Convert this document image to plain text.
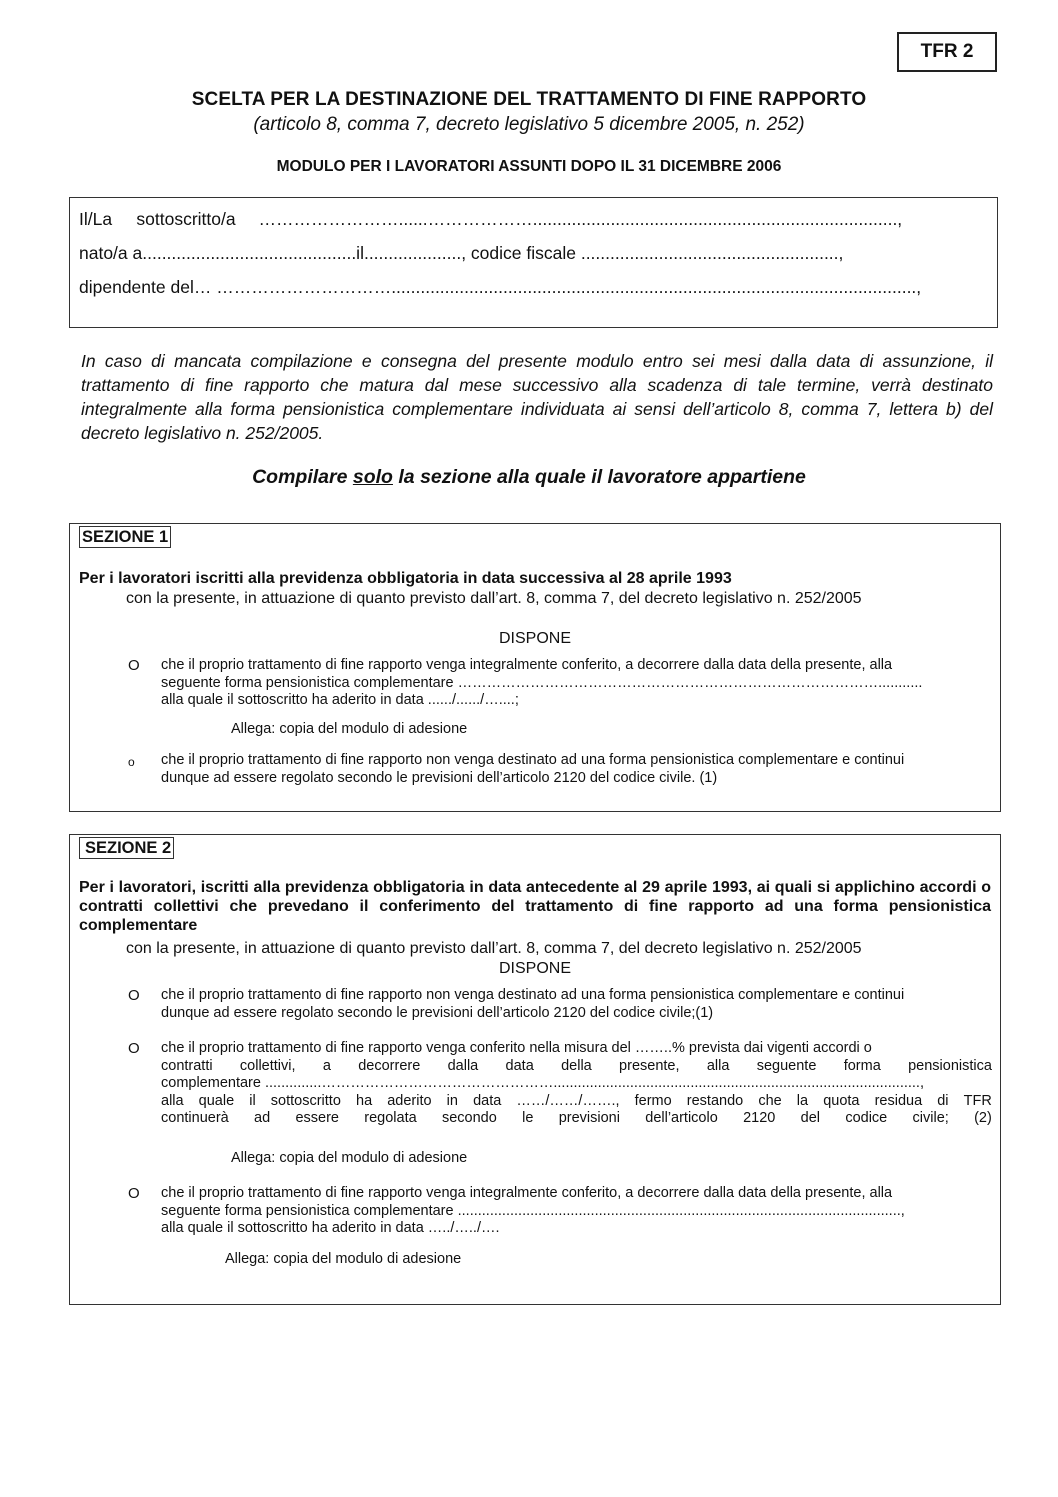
TFR 2
SCELTA PER LA DESTINAZIONE DEL TRATTAMENTO DI FINE RAPPORTO
(articolo 8, comma 7, decreto legislativo 5 dicembre 2005, n. 252)
MODULO PER I LAVORATORI ASSUNTI DOPO IL 31 DICEMBRE 2006
Il/La     sottoscritto/a ……………………......………………...........................................................................,
nato/a a............................................il...................., codice fiscale .....................................................,
dipendente del… …………………………............................................................................................................,
In caso di mancata compilazione e consegna del presente modulo entro sei mesi dalla data di assunzione, il trattamento di fine rapporto che matura dal mese successivo alla scadenza di tale termine, verrà destinato integralmente alla forma pensionistica complementare individuata ai sensi dell’articolo 8, comma 7, lettera b) del decreto legislativo n. 252/2005.
Compilare solo la sezione alla quale il lavoratore appartiene
SEZIONE 1
Per i lavoratori iscritti alla previdenza obbligatoria in data successiva al 28 aprile 1993
con la presente, in attuazione di quanto previsto dall’art. 8, comma 7, del decreto legislativo n. 252/2005
DISPONE
O che il proprio trattamento di fine rapporto venga integralmente conferito, a decorrere dalla data della presente, alla
seguente forma pensionistica complementare ……………………………………………………………………………...........
alla quale il sottoscritto ha aderito in data ....../....../…....;
Allega: copia del modulo di adesione
o che il proprio trattamento di fine rapporto non venga destinato ad una forma pensionistica complementare e continui
dunque ad essere regolato secondo le previsioni dell’articolo 2120 del codice civile. (1)
SEZIONE 2
Per i lavoratori, iscritti alla previdenza obbligatoria in data antecedente al 29 aprile 1993, ai quali si applichino accordi o contratti collettivi che prevedano il conferimento del trattamento di fine rapporto ad una forma pensionistica complementare
con la presente, in attuazione di quanto previsto dall’art. 8, comma 7, del decreto legislativo n. 252/2005
DISPONE
O che il proprio trattamento di fine rapporto non venga destinato ad una forma pensionistica complementare e continui
dunque ad essere regolato secondo le previsioni dell’articolo 2120 del codice civile;(1)
O che il proprio trattamento di fine rapporto venga conferito nella misura del ……..% prevista dai vigenti accordi o
contratti collettivi, a decorrere dalla data della presente, alla seguente forma pensionistica
complementare ..............…………………………………………...........................................................................................,
alla quale il sottoscritto ha aderito in data ……/……/……., fermo restando che la quota residua di TFR
continuerà ad essere regolata secondo le previsioni dell’articolo 2120 del codice civile; (2)
Allega: copia del modulo di adesione
O che il proprio trattamento di fine rapporto venga integralmente conferito, a decorrere dalla data della presente, alla
seguente forma pensionistica complementare ..............................................................................................................,
alla quale il sottoscritto ha aderito in data …../…../….
Allega: copia del modulo di adesione
